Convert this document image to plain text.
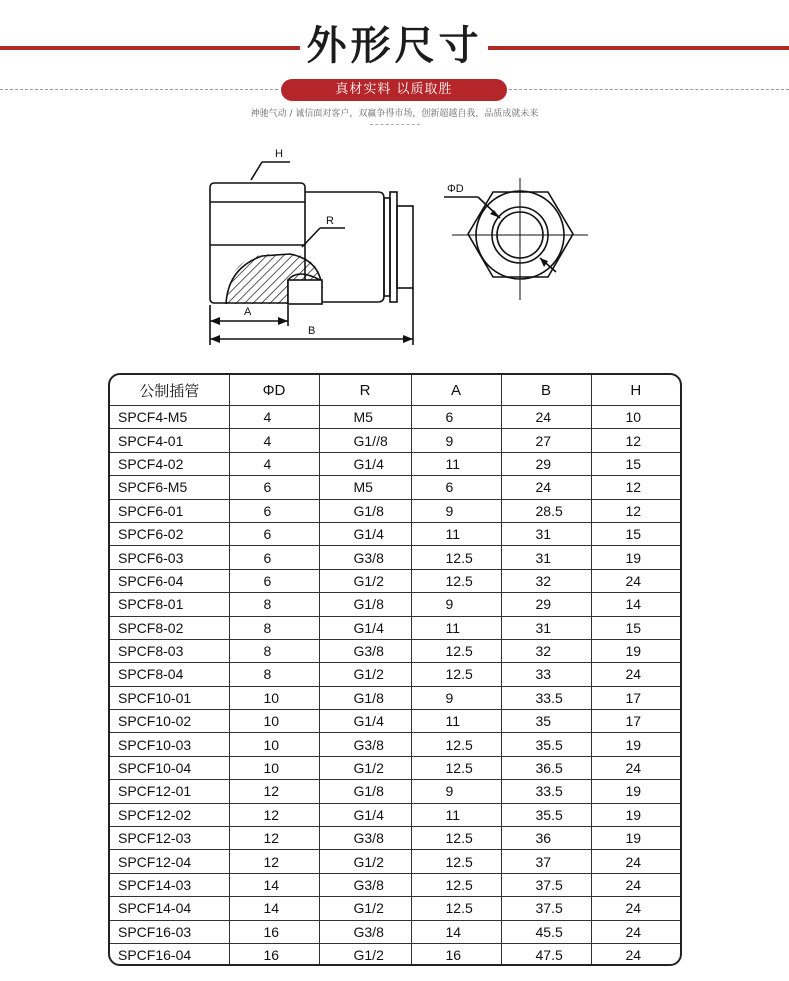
外形尺寸
真材实料 以质取胜
神驰气动 / 诚信面对客户，双赢争得市场，创新超越自我，品质成就未来
H
R
A
B
ΦD
公制插管	ΦD	R	A	B	H
SPCF4-M5	4	M5	6	24	10
SPCF4-01	4	G1//8	9	27	12
SPCF4-02	4	G1/4	11	29	15
SPCF6-M5	6	M5	6	24	12
SPCF6-01	6	G1/8	9	28.5	12
SPCF6-02	6	G1/4	11	31	15
SPCF6-03	6	G3/8	12.5	31	19
SPCF6-04	6	G1/2	12.5	32	24
SPCF8-01	8	G1/8	9	29	14
SPCF8-02	8	G1/4	11	31	15
SPCF8-03	8	G3/8	12.5	32	19
SPCF8-04	8	G1/2	12.5	33	24
SPCF10-01	10	G1/8	9	33.5	17
SPCF10-02	10	G1/4	11	35	17
SPCF10-03	10	G3/8	12.5	35.5	19
SPCF10-04	10	G1/2	12.5	36.5	24
SPCF12-01	12	G1/8	9	33.5	19
SPCF12-02	12	G1/4	11	35.5	19
SPCF12-03	12	G3/8	12.5	36	19
SPCF12-04	12	G1/2	12.5	37	24
SPCF14-03	14	G3/8	12.5	37.5	24
SPCF14-04	14	G1/2	12.5	37.5	24
SPCF16-03	16	G3/8	14	45.5	24
SPCF16-04	16	G1/2	16	47.5	24
